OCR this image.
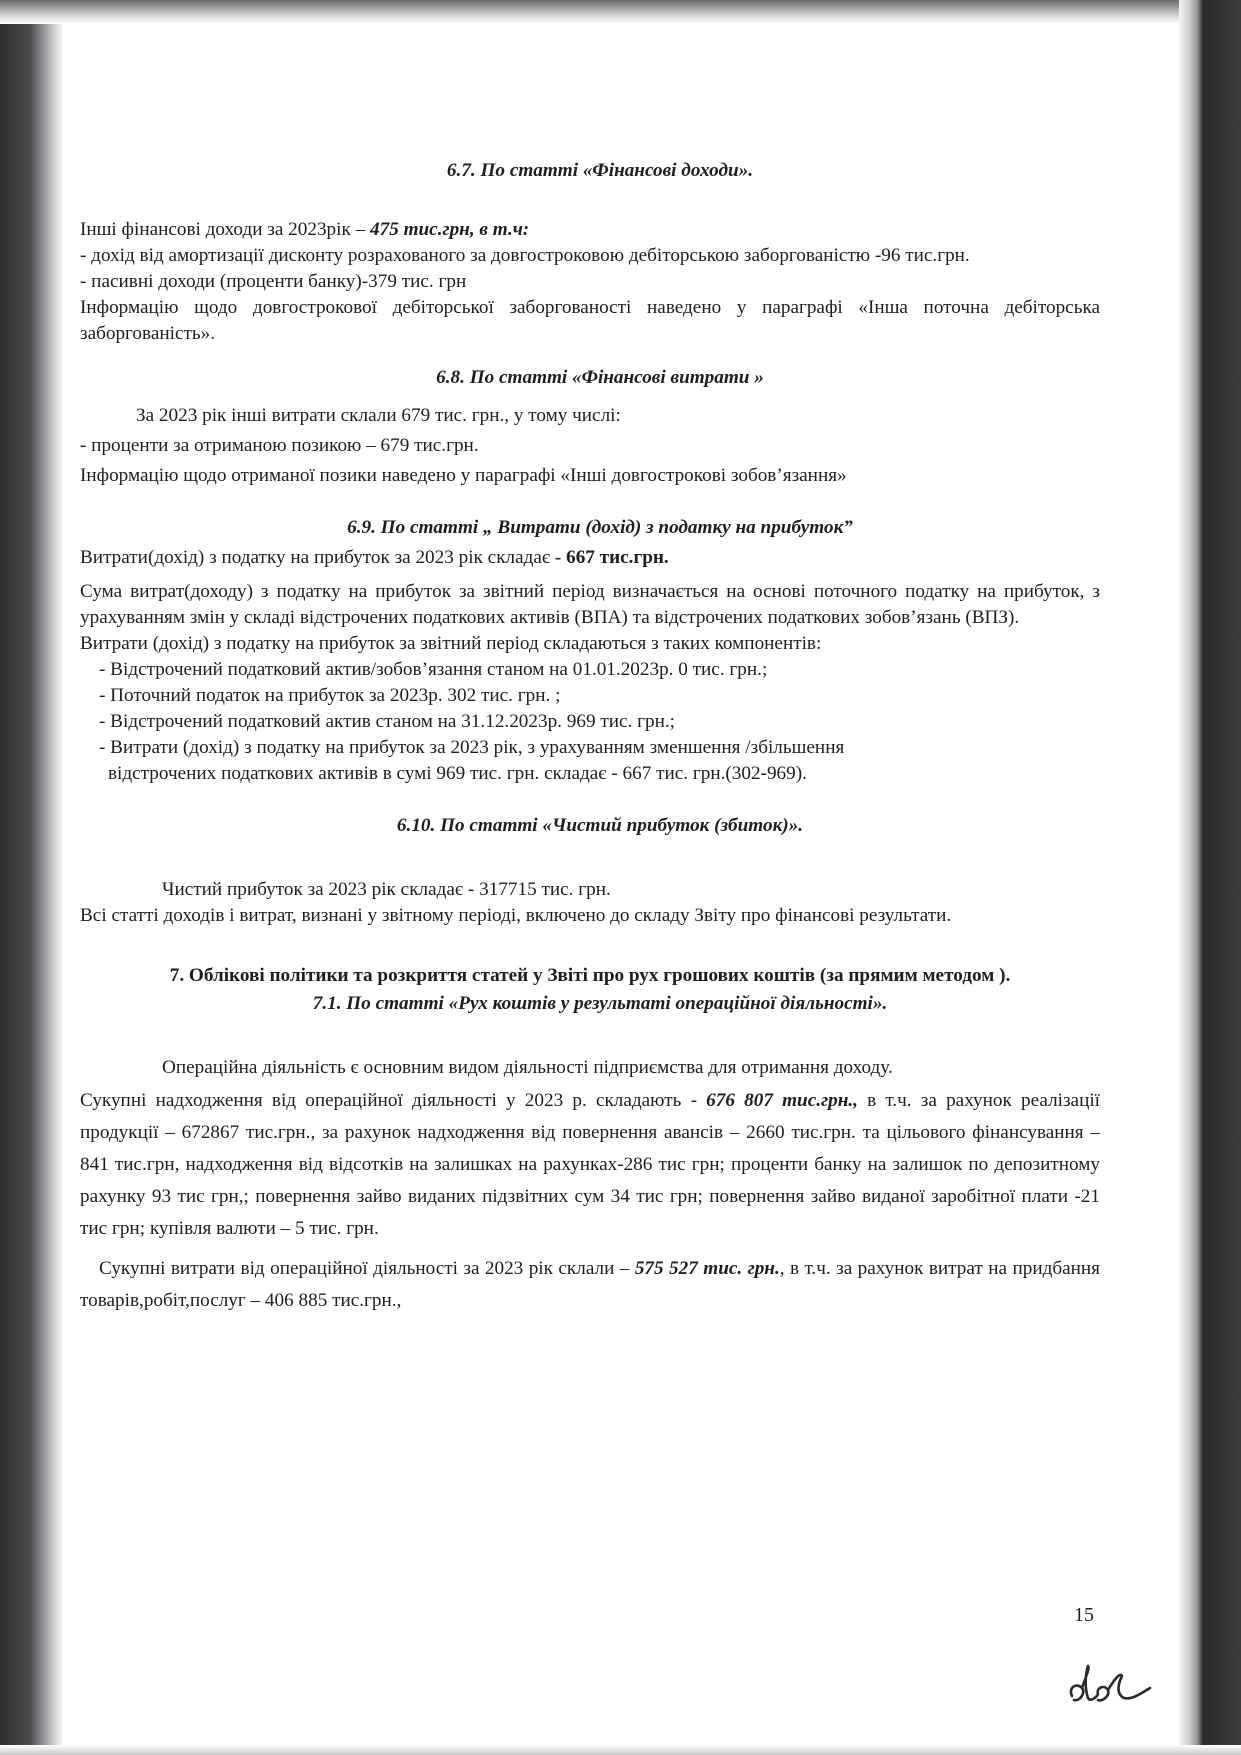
6.7. По статті «Фінансові доходи».

Інші фінансові доходи за 2023рік – 475 тис.грн, в т.ч:

- дохід від амортизації дисконту розрахованого за довгостроковою дебіторською заборгованістю -96 тис.грн.

- пасивні доходи (проценти банку)-379 тис. грн

Інформацію щодо довгострокової дебіторської заборгованості наведено у параграфі «Інша поточна дебіторська заборгованість».

6.8. По статті «Фінансові витрати »

За 2023 рік інші витрати склали 679 тис. грн., у тому числі:

- проценти за отриманою позикою – 679 тис.грн.

Інформацію щодо отриманої позики наведено у параграфі «Інші довгострокові зобов’язання»

6.9. По статті „ Витрати (дохід) з податку на прибуток”

Витрати(дохід) з податку на прибуток за 2023 рік складає - 667 тис.грн.

Сума витрат(доходу) з податку на прибуток за звітний період визначається на основі поточного податку на прибуток, з урахуванням змін у складі відстрочених податкових активів (ВПА) та відстрочених податкових зобов’язань (ВПЗ).

Витрати (дохід) з податку на прибуток за звітний період складаються з таких компонентів:

- Відстрочений податковий актив/зобов’язання станом на 01.01.2023р. 0 тис. грн.;

- Поточний податок на прибуток за 2023р. 302 тис. грн. ;

- Відстрочений податковий актив станом на 31.12.2023р. 969 тис. грн.;

- Витрати (дохід) з податку на прибуток за 2023 рік, з урахуванням зменшення /збільшення

відстрочених податкових активів в сумі 969 тис. грн. складає - 667 тис. грн.(302-969).

6.10. По статті «Чистий прибуток (збиток)».

Чистий прибуток за 2023 рік складає - 317715 тис. грн.

Всі статті доходів і витрат, визнані у звітному періоді, включено до складу Звіту про фінансові результати.

7. Облікові політики та розкриття статей у Звіті про рух грошових коштів (за прямим методом ).

7.1. По статті «Рух коштів у результаті операційної діяльності».

Операційна діяльність є основним видом діяльності підприємства для отримання доходу.

Сукупні надходження від операційної діяльності у 2023 р. складають - 676 807 тис.грн., в т.ч. за рахунок реалізації продукції – 672867 тис.грн., за рахунок надходження від повернення авансів – 2660 тис.грн. та цільового фінансування – 841 тис.грн, надходження від відсотків на залишках на рахунках-286 тис грн; проценти банку на залишок по депозитному рахунку 93 тис грн,; повернення зайво виданих підзвітних сум 34 тис грн; повернення зайво виданої заробітної плати -21 тис грн; купівля валюти – 5 тис. грн.

Сукупні витрати від операційної діяльності за 2023 рік склали – 575 527 тис. грн., в т.ч. за рахунок витрат на придбання товарів,робіт,послуг – 406 885 тис.грн.,

15
